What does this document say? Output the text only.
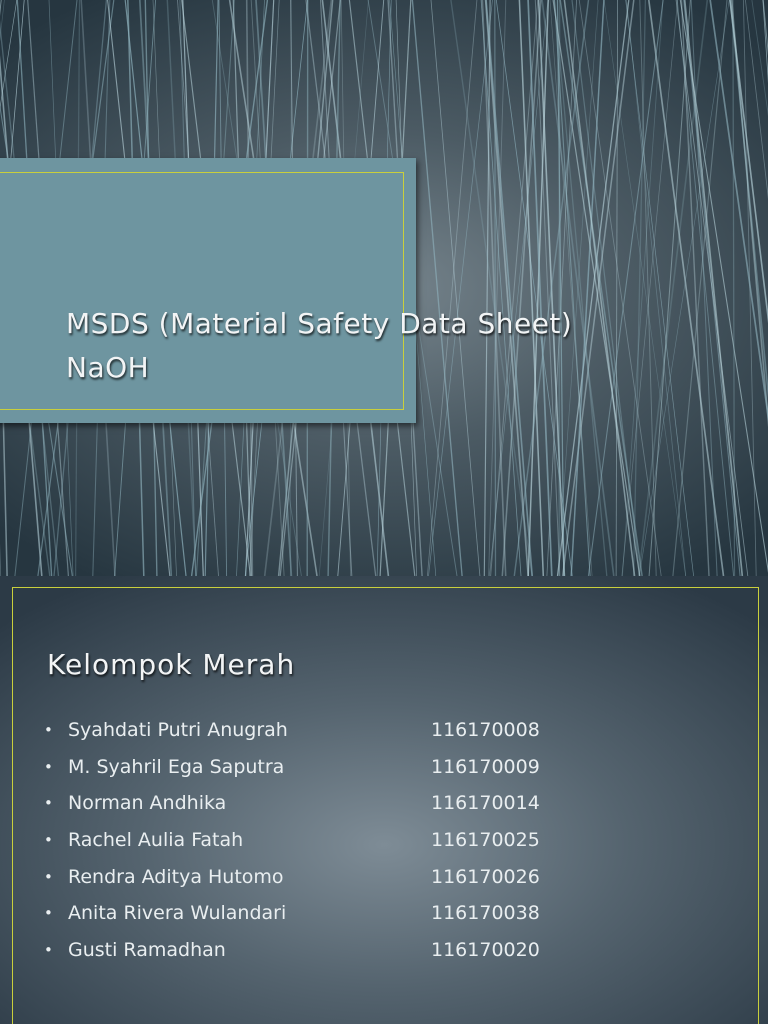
MSDS (Material Safety Data Sheet)
NaOH
Kelompok Merah
• Syahdati Putri Anugrah	116170008
• M. Syahril Ega Saputra	116170009
• Norman Andhika	116170014
• Rachel Aulia Fatah	116170025
• Rendra Aditya Hutomo	116170026
• Anita Rivera Wulandari	116170038
• Gusti Ramadhan	116170020
